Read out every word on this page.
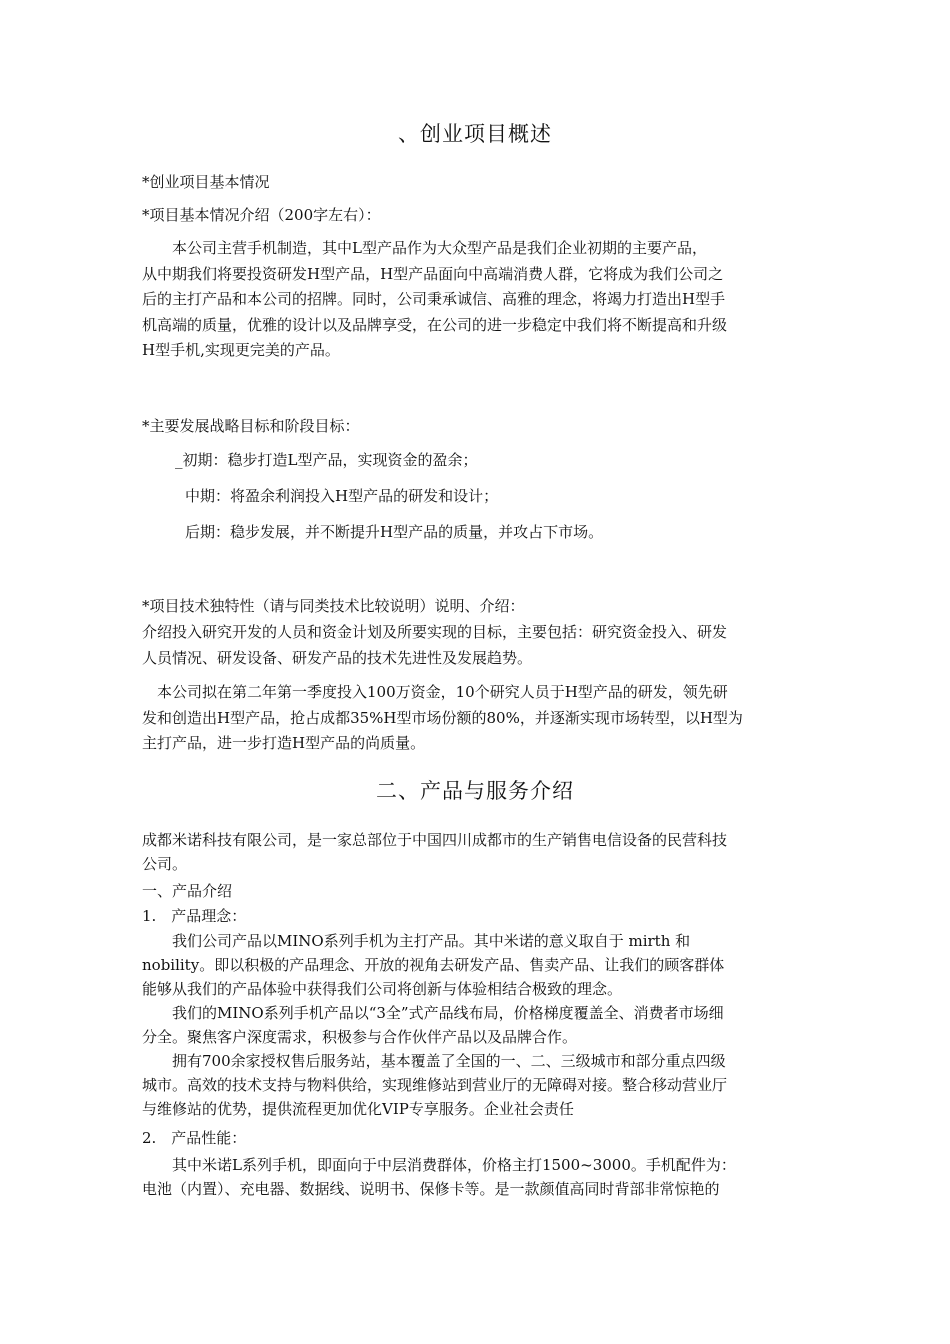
、创业项目概述
*创业项目基本情况
*项目基本情况介绍（200字左右）：
　　本公司主营手机制造，其中L型产品作为大众型产品是我们企业初期的主要产品，
从中期我们将要投资研发H型产品，H型产品面向中高端消费人群，它将成为我们公司之
后的主打产品和本公司的招牌。同时，公司秉承诚信、高雅的理念，将竭力打造出H型手
机高端的质量，优雅的设计以及品牌享受，在公司的进一步稳定中我们将不断提高和升级
H型手机,实现更完美的产品。
*主要发展战略目标和阶段目标：
_初期：稳步打造L型产品，实现资金的盈余；
中期：将盈余利润投入H型产品的研发和设计；
后期：稳步发展，并不断提升H型产品的质量，并攻占下市场。
*项目技术独特性（请与同类技术比较说明）说明、介绍：
介绍投入研究开发的人员和资金计划及所要实现的目标，主要包括：研究资金投入、研发
人员情况、研发设备、研发产品的技术先进性及发展趋势。
　本公司拟在第二年第一季度投入100万资金，10个研究人员于H型产品的研发，领先研
发和创造出H型产品，抢占成都35%H型市场份额的80%，并逐渐实现市场转型，以H型为
主打产品，进一步打造H型产品的尚质量。
二、产品与服务介绍
成都米诺科技有限公司，是一家总部位于中国四川成都市的生产销售电信设备的民营科技
公司。
一、产品介绍
1.　产品理念：
　　我们公司产品以MINO系列手机为主打产品。其中米诺的意义取自于 mirth 和
nobility。即以积极的产品理念、开放的视角去研发产品、售卖产品、让我们的顾客群体
能够从我们的产品体验中获得我们公司将创新与体验相结合极致的理念。
　　我们的MINO系列手机产品以“3全”式产品线布局，价格梯度覆盖全、消费者市场细
分全。聚焦客户深度需求，积极参与合作伙伴产品以及品牌合作。
　　拥有700余家授权售后服务站，基本覆盖了全国的一、二、三级城市和部分重点四级
城市。高效的技术支持与物料供给，实现维修站到营业厅的无障碍对接。整合移动营业厅
与维修站的优势，提供流程更加优化VIP专享服务。企业社会责任
2.　产品性能：
　　其中米诺L系列手机，即面向于中层消费群体，价格主打1500~3000。手机配件为：
电池（内置）、充电器、数据线、说明书、保修卡等。是一款颜值高同时背部非常惊艳的
